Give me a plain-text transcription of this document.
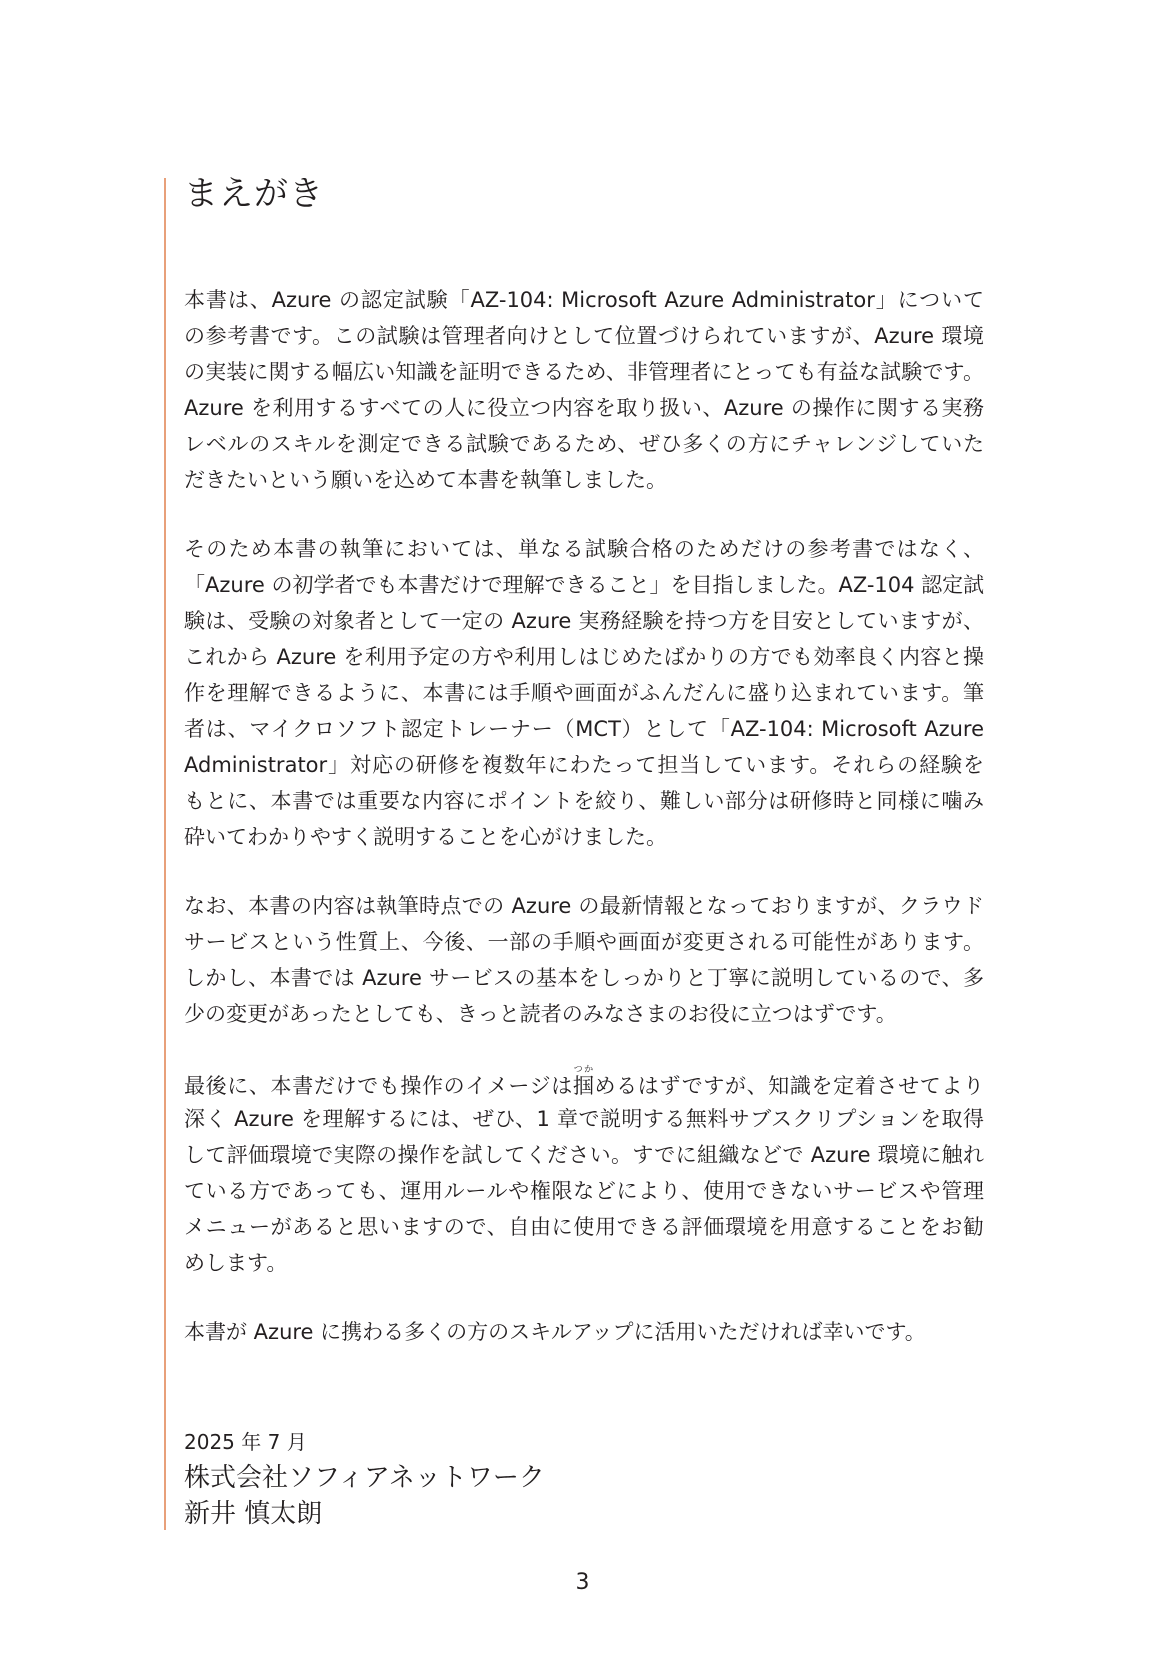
まえがき
本書は、Azure の認定試験「AZ-104: Microsoft Azure Administrator」について
の参考書です。この試験は管理者向けとして位置づけられていますが、Azure 環境
の実装に関する幅広い知識を証明できるため、非管理者にとっても有益な試験です。
Azure を利用するすべての人に役立つ内容を取り扱い、Azure の操作に関する実務
レベルのスキルを測定できる試験であるため、ぜひ多くの方にチャレンジしていた
だきたいという願いを込めて本書を執筆しました。
そのため本書の執筆においては、単なる試験合格のためだけの参考書ではなく、
「Azure の初学者でも本書だけで理解できること」を目指しました。AZ-104 認定試
験は、受験の対象者として一定の Azure 実務経験を持つ方を目安としていますが、
これから Azure を利用予定の方や利用しはじめたばかりの方でも効率良く内容と操
作を理解できるように、本書には手順や画面がふんだんに盛り込まれています。筆
者は、マイクロソフト認定トレーナー（MCT）として「AZ-104: Microsoft Azure
Administrator」対応の研修を複数年にわたって担当しています。それらの経験を
もとに、本書では重要な内容にポイントを絞り、難しい部分は研修時と同様に噛み
砕いてわかりやすく説明することを心がけました。
なお、本書の内容は執筆時点での Azure の最新情報となっておりますが、クラウド
サービスという性質上、今後、一部の手順や画面が変更される可能性があります。
しかし、本書では Azure サービスの基本をしっかりと丁寧に説明しているので、多
少の変更があったとしても、きっと読者のみなさまのお役に立つはずです。
最後に、本書だけでも操作のイメージは掴つかめるはずですが、知識を定着させてより
深く Azure を理解するには、ぜひ、1 章で説明する無料サブスクリプションを取得
して評価環境で実際の操作を試してください。すでに組織などで Azure 環境に触れ
ている方であっても、運用ルールや権限などにより、使用できないサービスや管理
メニューがあると思いますので、自由に使用できる評価環境を用意することをお勧
めします。
本書が Azure に携わる多くの方のスキルアップに活用いただければ幸いです。
2025 年 7 月
株式会社ソフィアネットワーク
新井 慎太朗
3
